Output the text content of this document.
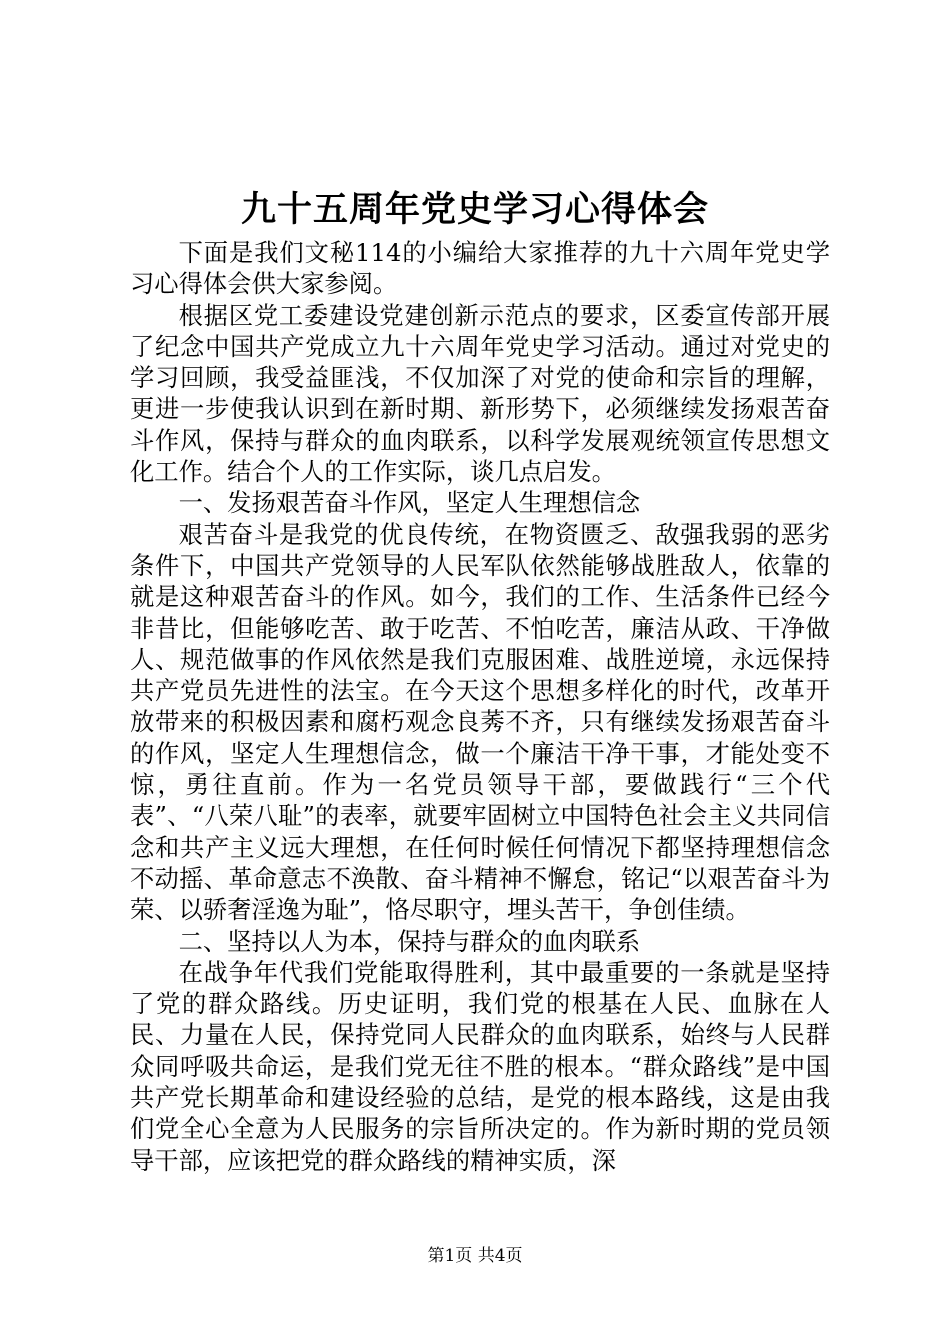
九十五周年党史学习心得体会

下面是我们文秘114的小编给大家推荐的九十六周年党史学习心得体会供大家参阅。

根据区党工委建设党建创新示范点的要求，区委宣传部开展了纪念中国共产党成立九十六周年党史学习活动。通过对党史的学习回顾，我受益匪浅，不仅加深了对党的使命和宗旨的理解，更进一步使我认识到在新时期、新形势下，必须继续发扬艰苦奋斗作风，保持与群众的血肉联系，以科学发展观统领宣传思想文化工作。结合个人的工作实际，谈几点启发。

一、发扬艰苦奋斗作风，坚定人生理想信念

艰苦奋斗是我党的优良传统，在物资匮乏、敌强我弱的恶劣条件下，中国共产党领导的人民军队依然能够战胜敌人，依靠的就是这种艰苦奋斗的作风。如今，我们的工作、生活条件已经今非昔比，但能够吃苦、敢于吃苦、不怕吃苦，廉洁从政、干净做人、规范做事的作风依然是我们克服困难、战胜逆境，永远保持共产党员先进性的法宝。在今天这个思想多样化的时代，改革开放带来的积极因素和腐朽观念良莠不齐，只有继续发扬艰苦奋斗的作风，坚定人生理想信念，做一个廉洁干净干事，才能处变不惊，勇往直前。作为一名党员领导干部，要做践行“三个代表”、“八荣八耻”的表率，就要牢固树立中国特色社会主义共同信念和共产主义远大理想，在任何时候任何情况下都坚持理想信念不动摇、革命意志不涣散、奋斗精神不懈怠，铭记“以艰苦奋斗为荣、以骄奢淫逸为耻”，恪尽职守，埋头苦干，争创佳绩。

二、坚持以人为本，保持与群众的血肉联系

在战争年代我们党能取得胜利，其中最重要的一条就是坚持了党的群众路线。历史证明，我们党的根基在人民、血脉在人民、力量在人民，保持党同人民群众的血肉联系，始终与人民群众同呼吸共命运，是我们党无往不胜的根本。“群众路线”是中国共产党长期革命和建设经验的总结，是党的根本路线，这是由我们党全心全意为人民服务的宗旨所决定的。作为新时期的党员领导干部，应该把党的群众路线的精神实质，深

第1页 共4页
